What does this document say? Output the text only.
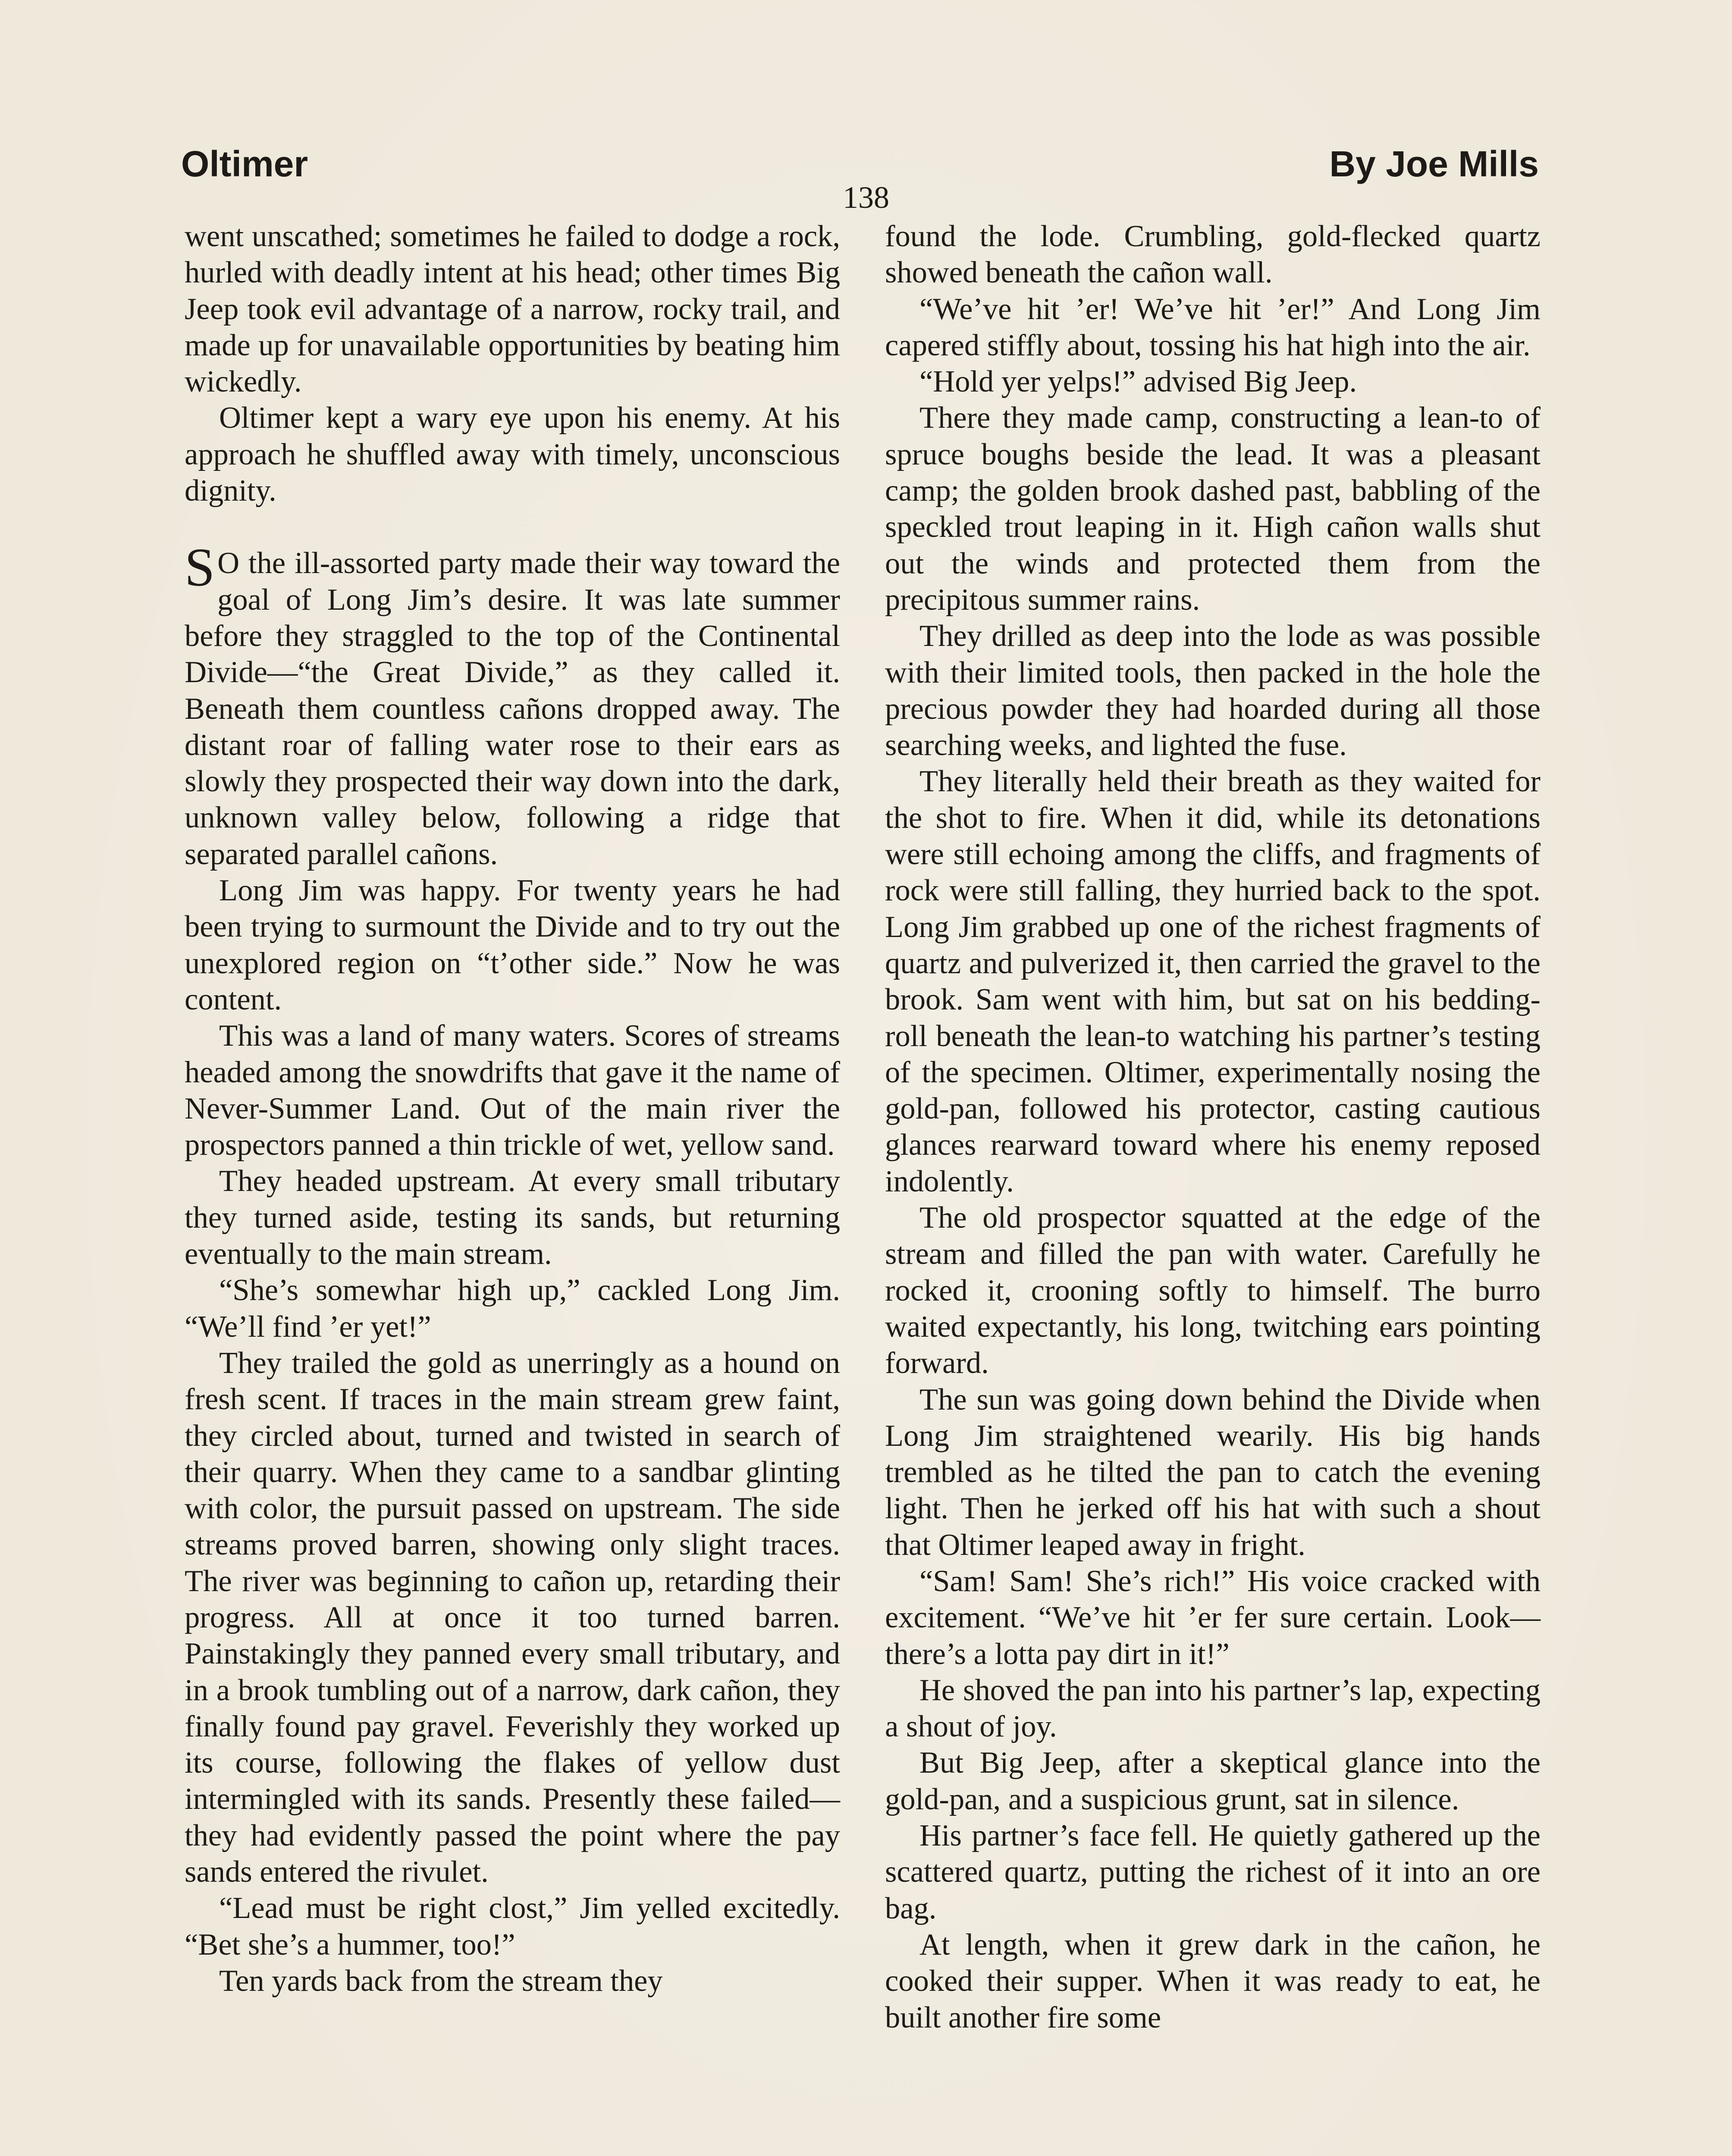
Oltimer	By Joe Mills
138

went unscathed; sometimes he failed to dodge a rock, hurled with deadly intent at his head; other times Big Jeep took evil advantage of a narrow, rocky trail, and made up for unavailable opportunities by beating him wickedly.

Oltimer kept a wary eye upon his enemy. At his approach he shuffled away with timely, unconscious dignity.

S O the ill-assorted party made their way toward the goal of Long Jim’s desire. It was late summer before they straggled to the top of the Continental Divide—“the Great Divide,” as they called it. Beneath them countless cañons dropped away. The distant roar of falling water rose to their ears as slowly they prospected their way down into the dark, unknown valley below, following a ridge that separated parallel cañons.

Long Jim was happy. For twenty years he had been trying to surmount the Divide and to try out the unexplored region on “t’other side.” Now he was content.

This was a land of many waters. Scores of streams headed among the snowdrifts that gave it the name of Never-Summer Land. Out of the main river the prospectors panned a thin trickle of wet, yellow sand.

They headed upstream. At every small tributary they turned aside, testing its sands, but returning eventually to the main stream.

“She’s somewhar high up,” cackled Long Jim. “We’ll find ’er yet!”

They trailed the gold as unerringly as a hound on fresh scent. If traces in the main stream grew faint, they circled about, turned and twisted in search of their quarry. When they came to a sandbar glinting with color, the pursuit passed on upstream. The side streams proved barren, showing only slight traces. The river was beginning to cañon up, retarding their progress. All at once it too turned barren. Painstakingly they panned every small tributary, and in a brook tumbling out of a narrow, dark cañon, they finally found pay gravel. Feverishly they worked up its course, following the flakes of yellow dust intermingled with its sands. Presently these failed—they had evidently passed the point where the pay sands entered the rivulet.

“Lead must be right clost,” Jim yelled excitedly. “Bet she’s a hummer, too!”

Ten yards back from the stream they

found the lode. Crumbling, gold-flecked quartz showed beneath the cañon wall.

“We’ve hit ’er! We’ve hit ’er!” And Long Jim capered stiffly about, tossing his hat high into the air.

“Hold yer yelps!” advised Big Jeep.

There they made camp, constructing a lean-to of spruce boughs beside the lead. It was a pleasant camp; the golden brook dashed past, babbling of the speckled trout leaping in it. High cañon walls shut out the winds and protected them from the precipitous summer rains.

They drilled as deep into the lode as was possible with their limited tools, then packed in the hole the precious powder they had hoarded during all those searching weeks, and lighted the fuse.

They literally held their breath as they waited for the shot to fire. When it did, while its detonations were still echoing among the cliffs, and fragments of rock were still falling, they hurried back to the spot. Long Jim grabbed up one of the richest fragments of quartz and pulverized it, then carried the gravel to the brook. Sam went with him, but sat on his bedding-roll beneath the lean-to watching his partner’s testing of the specimen. Oltimer, experimentally nosing the gold-pan, followed his protector, casting cautious glances rearward toward where his enemy reposed indolently.

The old prospector squatted at the edge of the stream and filled the pan with water. Carefully he rocked it, crooning softly to himself. The burro waited expectantly, his long, twitching ears pointing forward.

The sun was going down behind the Divide when Long Jim straightened wearily. His big hands trembled as he tilted the pan to catch the evening light. Then he jerked off his hat with such a shout that Oltimer leaped away in fright.

“Sam! Sam! She’s rich!” His voice cracked with excitement. “We’ve hit ’er fer sure certain. Look—there’s a lotta pay dirt in it!”

He shoved the pan into his partner’s lap, expecting a shout of joy.

But Big Jeep, after a skeptical glance into the gold-pan, and a suspicious grunt, sat in silence.

His partner’s face fell. He quietly gathered up the scattered quartz, putting the richest of it into an ore bag.

At length, when it grew dark in the cañon, he cooked their supper. When it was ready to eat, he built another fire some
